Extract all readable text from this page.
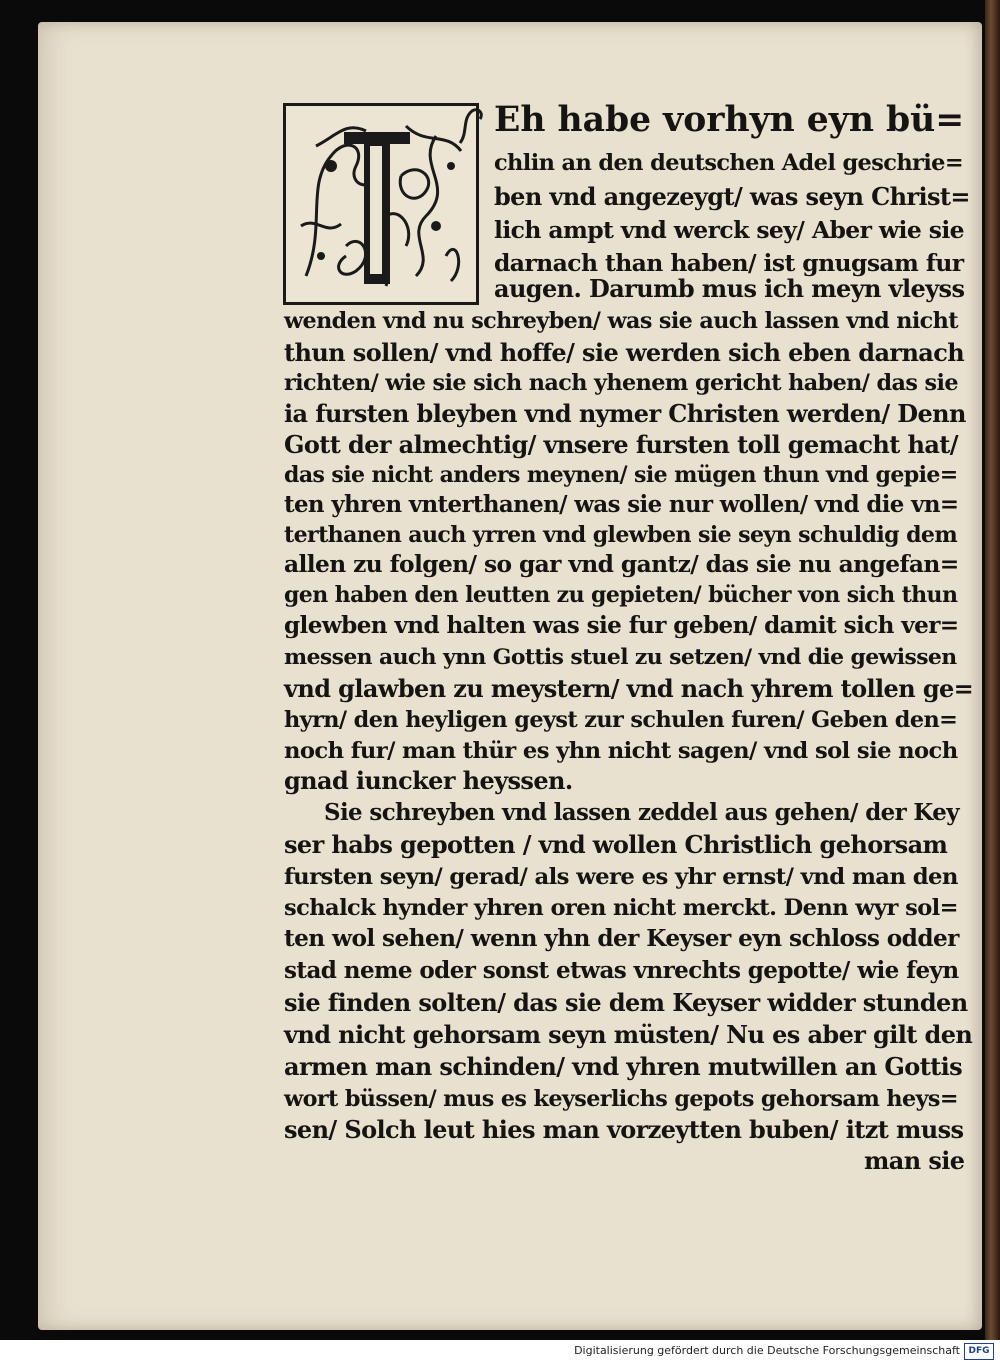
Eh habe vorhyn eyn bü=
chlin an den deutschen Adel geschrie=
ben vnd angezeygt/ was seyn Christ=
lich ampt vnd werck sey/ Aber wie sie
darnach than haben/ ist gnugsam fur
augen. Darumb mus ich meyn vleyss
wenden vnd nu schreyben/ was sie auch lassen vnd nicht
thun sollen/ vnd hoffe/ sie werden sich eben darnach
richten/ wie sie sich nach yhenem gericht haben/ das sie
ia fursten bleyben vnd nymer Christen werden/ Denn
Gott der almechtig/ vnsere fursten toll gemacht hat/
das sie nicht anders meynen/ sie mügen thun vnd gepie=
ten yhren vnterthanen/ was sie nur wollen/ vnd die vn=
terthanen auch yrren vnd glewben sie seyn schuldig dem
allen zu folgen/ so gar vnd gantz/ das sie nu angefan=
gen haben den leutten zu gepieten/ bücher von sich thun
glewben vnd halten was sie fur geben/ damit sich ver=
messen auch ynn Gottis stuel zu setzen/ vnd die gewissen
vnd glawben zu meystern/ vnd nach yhrem tollen ge=
hyrn/ den heyligen geyst zur schulen furen/ Geben den=
noch fur/ man thür es yhn nicht sagen/ vnd sol sie noch
gnad iuncker heyssen.
Sie schreyben vnd lassen zeddel aus gehen/ der Key
ser habs gepotten / vnd wollen Christlich gehorsam
fursten seyn/ gerad/ als were es yhr ernst/ vnd man den
schalck hynder yhren oren nicht merckt. Denn wyr sol=
ten wol sehen/ wenn yhn der Keyser eyn schloss odder
stad neme oder sonst etwas vnrechts gepotte/ wie feyn
sie finden solten/ das sie dem Keyser widder stunden
vnd nicht gehorsam seyn müsten/ Nu es aber gilt den
armen man schinden/ vnd yhren mutwillen an Gottis
wort büssen/ mus es keyserlichs gepots gehorsam heys=
sen/ Solch leut hies man vorzeytten buben/ itzt muss
man sie
Digitalisierung gefördert durch die Deutsche Forschungsgemeinschaft DFG
